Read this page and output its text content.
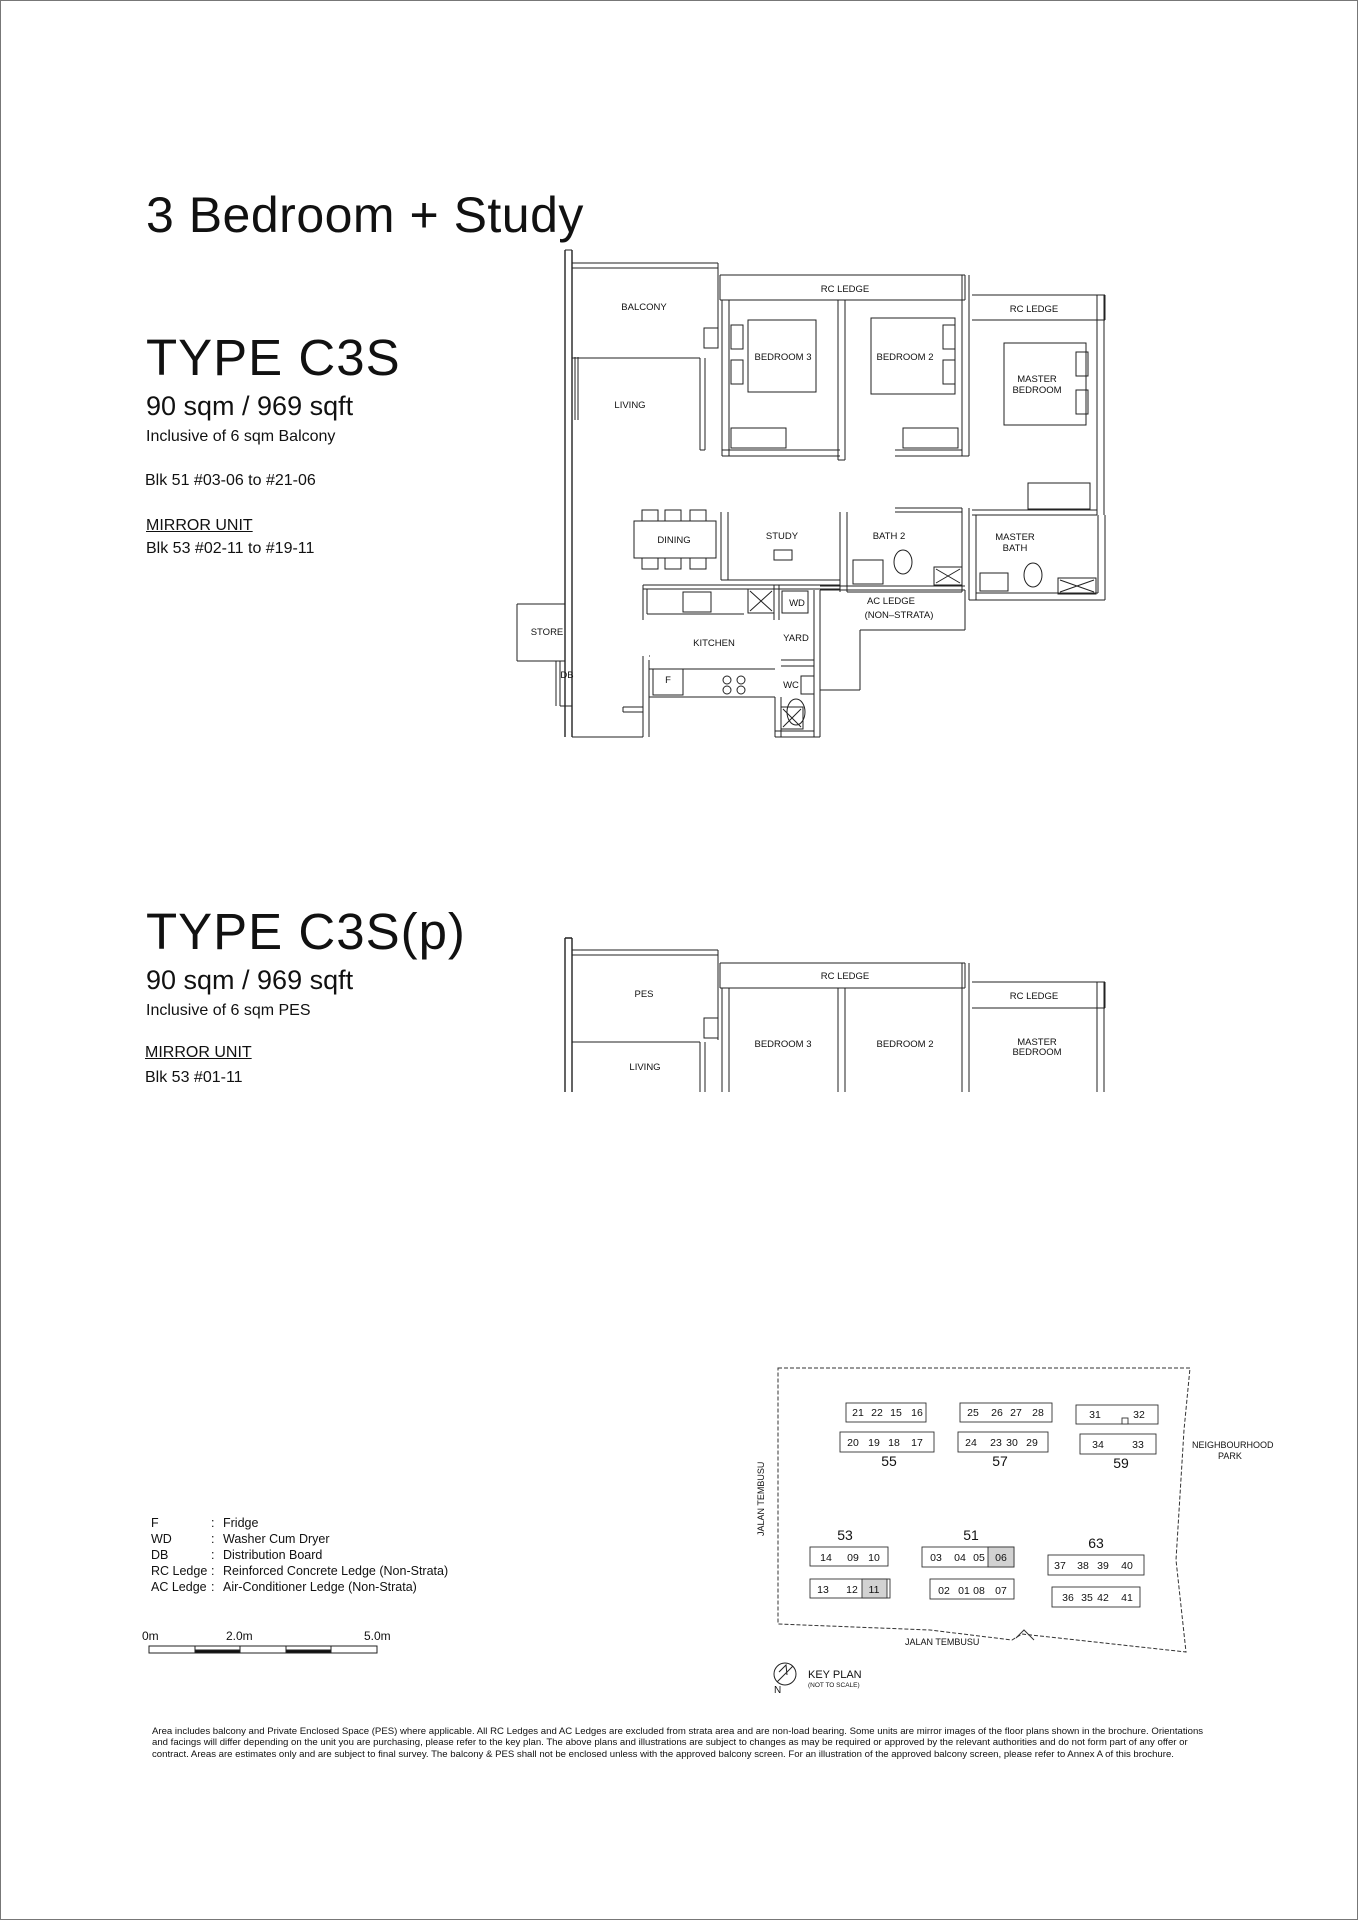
3 Bedroom + Study
TYPE C3S
90 sqm / 969 sqft
Inclusive of 6 sqm Balcony
Blk 51 #03-06 to #21-06
MIRROR UNIT
Blk 53 #02-11 to #19-11
TYPE C3S(p)
90 sqm / 969 sqft
Inclusive of 6 sqm PES
MIRROR UNIT
Blk 53 #01-11
BALCONY
RC LEDGE
BEDROOM 3	BEDROOM 2
RC LEDGE
MASTER
BEDROOM
LIVING
DINING	STUDY	BATH 2	MASTER
BATH
AC LEDGE
(NON–STRATA)
STORE
DB
KITCHEN	YARD
WD
WC
F
PES
RC LEDGE
BEDROOM 3	BEDROOM 2
RC LEDGE
MASTER
BEDROOM
LIVING
0m	2.0m	5.0m
21 22 15 16
20 19 18 17
25 26 27 28
24 23 30 29
31	32
34	33
14 09 10
13 12 11
03 04 05 06
02 01 08 07
37 38 39 40
36 35 42 41
55	57	59
53	51	63
JALAN TEMBUSU
JALAN TEMBUSU
NEIGHBOURHOOD
PARK
KEY PLAN
(NOT TO SCALE)
N
F	: Fridge
WD	: Washer Cum Dryer
DB	: Distribution Board
RC Ledge : Reinforced Concrete Ledge (Non-Strata)
AC Ledge : Air-Conditioner Ledge (Non-Strata)
Area includes balcony and Private Enclosed Space (PES) where applicable. All RC Ledges and AC Ledges are excluded from strata area and are non-load bearing. Some units are mirror images of the floor plans shown in the brochure. Orientations and facings will differ depending on the unit you are purchasing, please refer to the key plan. The above plans and illustrations are subject to changes as may be required or approved by the relevant authorities and do not form part of any offer or contract. Areas are estimates only and are subject to final survey. The balcony & PES shall not be enclosed unless with the approved balcony screen. For an illustration of the approved balcony screen, please refer to Annex A of this brochure.
